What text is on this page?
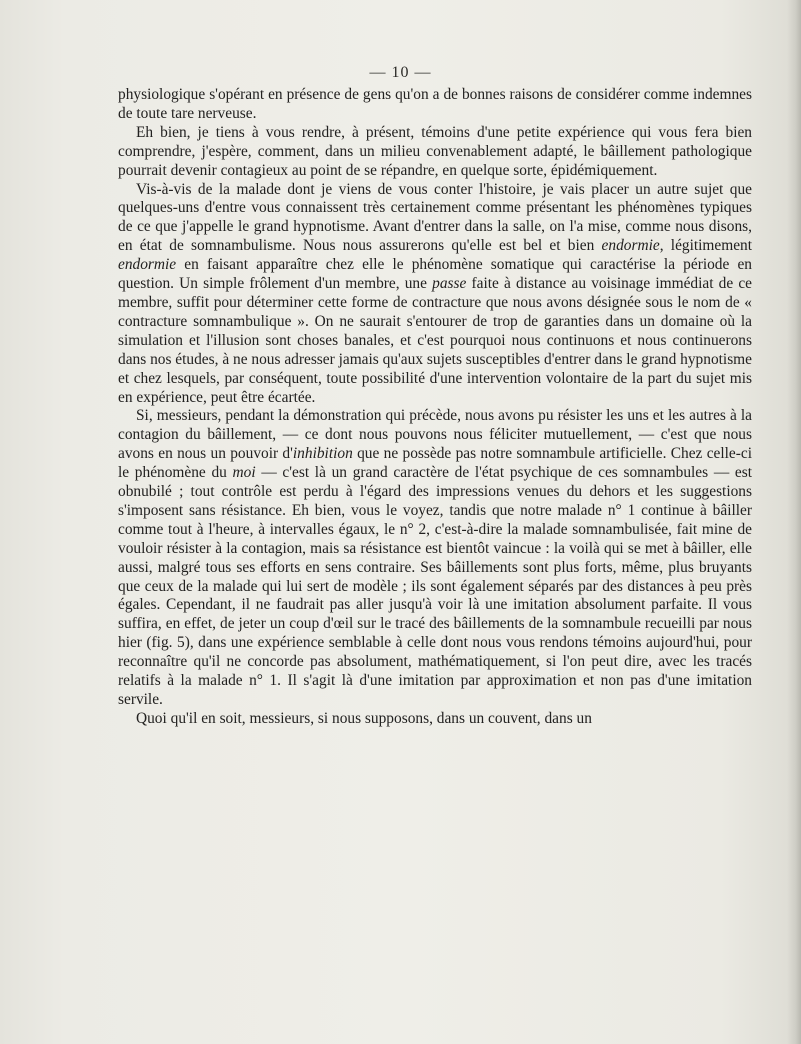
— 10 —

physiologique s'opérant en présence de gens qu'on a de bonnes raisons de considérer comme indemnes de toute tare nerveuse.

Eh bien, je tiens à vous rendre, à présent, témoins d'une petite expérience qui vous fera bien comprendre, j'espère, comment, dans un milieu convenablement adapté, le bâillement pathologique pourrait devenir contagieux au point de se répandre, en quelque sorte, épidémiquement.

Vis-à-vis de la malade dont je viens de vous conter l'histoire, je vais placer un autre sujet que quelques-uns d'entre vous connaissent très certainement comme présentant les phénomènes typiques de ce que j'appelle le grand hypnotisme. Avant d'entrer dans la salle, on l'a mise, comme nous disons, en état de somnambulisme. Nous nous assurerons qu'elle est bel et bien endormie, légitimement endormie en faisant apparaître chez elle le phénomène somatique qui caractérise la période en question. Un simple frôlement d'un membre, une passe faite à distance au voisinage immédiat de ce membre, suffit pour déterminer cette forme de contracture que nous avons désignée sous le nom de « contracture somnambulique ». On ne saurait s'entourer de trop de garanties dans un domaine où la simulation et l'illusion sont choses banales, et c'est pourquoi nous continuons et nous continuerons dans nos études, à ne nous adresser jamais qu'aux sujets susceptibles d'entrer dans le grand hypnotisme et chez lesquels, par conséquent, toute possibilité d'une intervention volontaire de la part du sujet mis en expérience, peut être écartée.

Si, messieurs, pendant la démonstration qui précède, nous avons pu résister les uns et les autres à la contagion du bâillement, — ce dont nous pouvons nous féliciter mutuellement, — c'est que nous avons en nous un pouvoir d'inhibition que ne possède pas notre somnambule artificielle. Chez celle-ci le phénomène du moi — c'est là un grand caractère de l'état psychique de ces somnambules — est obnubilé ; tout contrôle est perdu à l'égard des impressions venues du dehors et les suggestions s'imposent sans résistance. Eh bien, vous le voyez, tandis que notre malade n° 1 continue à bâiller comme tout à l'heure, à intervalles égaux, le n° 2, c'est-à-dire la malade somnambulisée, fait mine de vouloir résister à la contagion, mais sa résistance est bientôt vaincue : la voilà qui se met à bâiller, elle aussi, malgré tous ses efforts en sens contraire. Ses bâillements sont plus forts, même, plus bruyants que ceux de la malade qui lui sert de modèle ; ils sont également séparés par des distances à peu près égales. Cependant, il ne faudrait pas aller jusqu'à voir là une imitation absolument parfaite. Il vous suffira, en effet, de jeter un coup d'œil sur le tracé des bâillements de la somnambule recueilli par nous hier (fig. 5), dans une expérience semblable à celle dont nous vous rendons témoins aujourd'hui, pour reconnaître qu'il ne concorde pas absolument, mathématiquement, si l'on peut dire, avec les tracés relatifs à la malade n° 1. Il s'agit là d'une imitation par approximation et non pas d'une imitation servile.

Quoi qu'il en soit, messieurs, si nous supposons, dans un couvent, dans un
